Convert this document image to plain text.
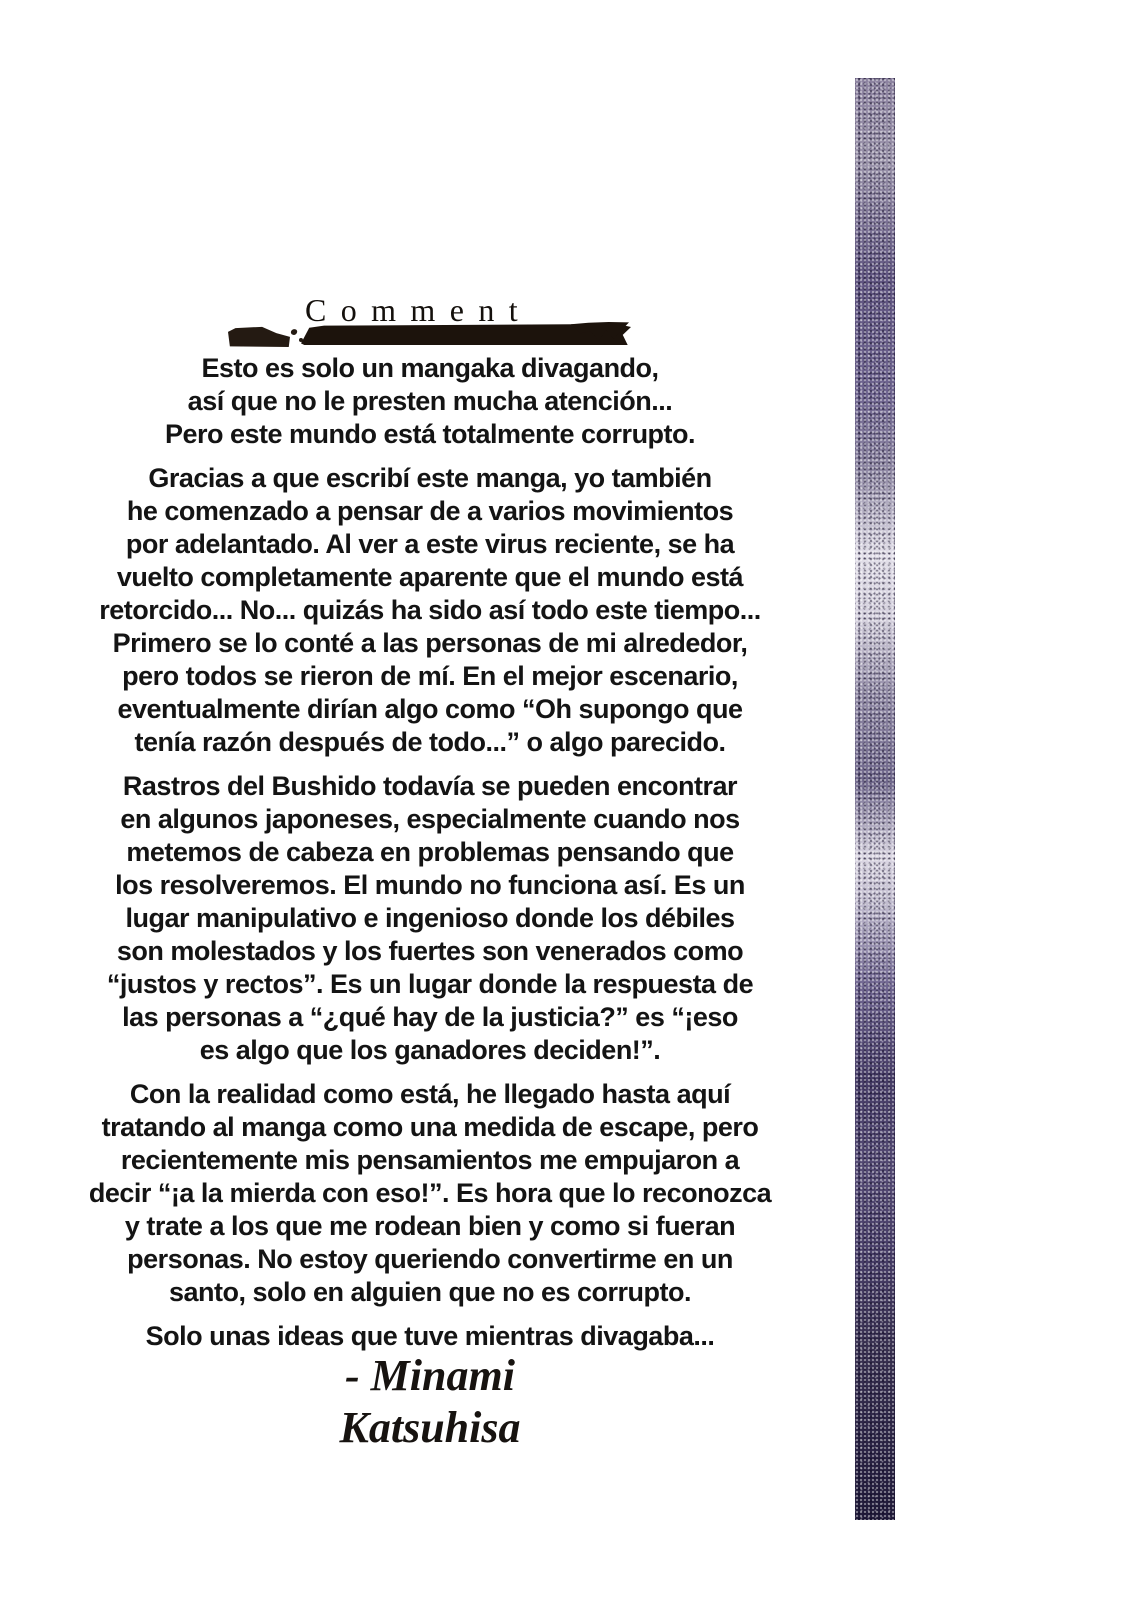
Comment
Esto es solo un mangaka divagando,
así que no le presten mucha atención...
Pero este mundo está totalmente corrupto.
Gracias a que escribí este manga, yo también
he comenzado a pensar de a varios movimientos
por adelantado. Al ver a este virus reciente, se ha
vuelto completamente aparente que el mundo está
retorcido... No... quizás ha sido así todo este tiempo...
Primero se lo conté a las personas de mi alrededor,
pero todos se rieron de mí. En el mejor escenario,
eventualmente dirían algo como “Oh supongo que
tenía razón después de todo...” o algo parecido.
Rastros del Bushido todavía se pueden encontrar
en algunos japoneses, especialmente cuando nos
metemos de cabeza en problemas pensando que
los resolveremos. El mundo no funciona así. Es un
lugar manipulativo e ingenioso donde los débiles
son molestados y los fuertes son venerados como
“justos y rectos”. Es un lugar donde la respuesta de
las personas a “¿qué hay de la justicia?” es “¡eso
es algo que los ganadores deciden!”.
Con la realidad como está, he llegado hasta aquí
tratando al manga como una medida de escape, pero
recientemente mis pensamientos me empujaron a
decir “¡a la mierda con eso!”. Es hora que lo reconozca
y trate a los que me rodean bien y como si fueran
personas. No estoy queriendo convertirme en un
santo, solo en alguien que no es corrupto.
Solo unas ideas que tuve mientras divagaba...
- Minami
Katsuhisa
